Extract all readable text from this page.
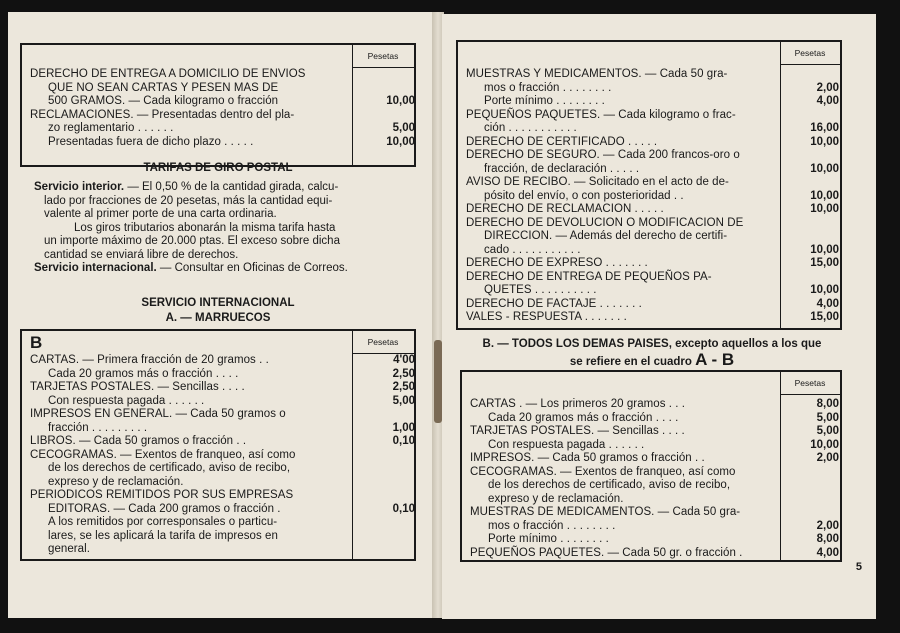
Pesetas
DERECHO DE ENTREGA A DOMICILIO DE ENVIOS
QUE NO SEAN CARTAS Y PESEN MAS DE
500 GRAMOS. — Cada kilogramo o fracción	10,00
RECLAMACIONES. — Presentadas dentro del pla-
zo reglamentario . . . . . .	5,00
Presentadas fuera de dicho plazo . . . . .	10,00
TARIFAS DE GIRO POSTAL
Servicio interior. — El 0,50 % de la cantidad girada, calcu-
lado por fracciones de 20 pesetas, más la cantidad equi-
valente al primer porte de una carta ordinaria.
Los giros tributarios abonarán la misma tarifa hasta
un importe máximo de 20.000 ptas. El exceso sobre dicha
cantidad se enviará libre de derechos.
Servicio internacional. — Consultar en Oficinas de Correos.
SERVICIO INTERNACIONAL
A. — MARRUECOS
B	Pesetas
CARTAS. — Primera fracción de 20 gramos . .	4'00
Cada 20 gramos más o fracción . . . .	2,50
TARJETAS POSTALES. — Sencillas . . . .	2,50
Con respuesta pagada . . . . . .	5,00
IMPRESOS EN GENERAL. — Cada 50 gramos o
fracción . . . . . . . . .	1,00
LIBROS. — Cada 50 gramos o fracción . .	0,10
CECOGRAMAS. — Exentos de franqueo, así como
de los derechos de certificado, aviso de recibo,
expreso y de reclamación.
PERIODICOS REMITIDOS POR SUS EMPRESAS
EDITORAS. — Cada 200 gramos o fracción .	0,10
A los remitidos por corresponsales o particu-
lares, se les aplicará la tarifa de impresos en
general.
Pesetas
MUESTRAS Y MEDICAMENTOS. — Cada 50 gra-
mos o fracción . . . . . . . .	2,00
Porte mínimo . . . . . . . .	4,00
PEQUEÑOS PAQUETES. — Cada kilogramo o frac-
ción . . . . . . . . . . .	16,00
DERECHO DE CERTIFICADO . . . . .	10,00
DERECHO DE SEGURO. — Cada 200 francos-oro o
fracción, de declaración . . . . .	10,00
AVISO DE RECIBO. — Solicitado en el acto de de-
pósito del envío, o con posterioridad . .	10,00
DERECHO DE RECLAMACION . . . . .	10,00
DERECHO DE DEVOLUCION O MODIFICACION DE
DIRECCION. — Además del derecho de certifi-
cado . . . . . . . . . . .	10,00
DERECHO DE EXPRESO . . . . . . .	15,00
DERECHO DE ENTREGA DE PEQUEÑOS PA-
QUETES . . . . . . . . . .	10,00
DERECHO DE FACTAJE . . . . . . .	4,00
VALES - RESPUESTA . . . . . . .	15,00
B. — TODOS LOS DEMAS PAISES, excepto aquellos a los que
se refiere en el cuadro A - B
Pesetas
CARTAS . — Los primeros 20 gramos . . .	8,00
Cada 20 gramos más o fracción . . . .	5,00
TARJETAS POSTALES. — Sencillas . . . .	5,00
Con respuesta pagada . . . . . .	10,00
IMPRESOS. — Cada 50 gramos o fracción . .	2,00
CECOGRAMAS. — Exentos de franqueo, así como
de los derechos de certificado, aviso de recibo,
expreso y de reclamación.
MUESTRAS DE MEDICAMENTOS. — Cada 50 gra-
mos o fracción . . . . . . . .	2,00
Porte mínimo . . . . . . . .	8,00
PEQUEÑOS PAQUETES. — Cada 50 gr. o fracción .	4,00
5
